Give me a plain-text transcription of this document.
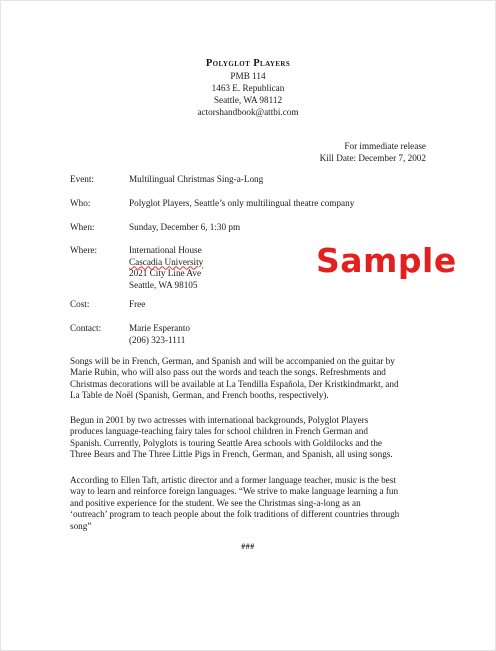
Polyglot Players
PMB 114
1463 E. Republican
Seattle, WA 98112
actorshandbook@attbi.com
For immediate release
Kill Date: December 7, 2002
Event:	Multilingual Christmas Sing-a-Long
Who:	Polyglot Players, Seattle’s only multilingual theatre company
When:	Sunday, December 6, 1:30 pm
Where:	International House
Cascadia University
2021 City Line Ave
Seattle, WA 98105
Cost:	Free
Contact:	Marie Esperanto
(206) 323-1111
Songs will be in French, German, and Spanish and will be accompanied on the guitar by
Marie Rubin, who will also pass out the words and teach the songs. Refreshments and
Christmas decorations will be available at La Tendilla Española, Der Kristkindmarkt, and
La Table de Noël (Spanish, German, and French booths, respectively).
Begun in 2001 by two actresses with international backgrounds, Polyglot Players
produces language-teaching fairy tales for school children in French German and
Spanish. Currently, Polyglots is touring Seattle Area schools with Goldilocks and the
Three Bears and The Three Little Pigs in French, German, and Spanish, all using songs.
According to Ellen Taft, artistic director and a former language teacher, music is the best
way to learn and reinforce foreign languages. “We strive to make language learning a fun
and positive experience for the student. We see the Christmas sing-a-long as an
‘outreach’ program to teach people about the folk traditions of different countries through
song”
###
Sample
